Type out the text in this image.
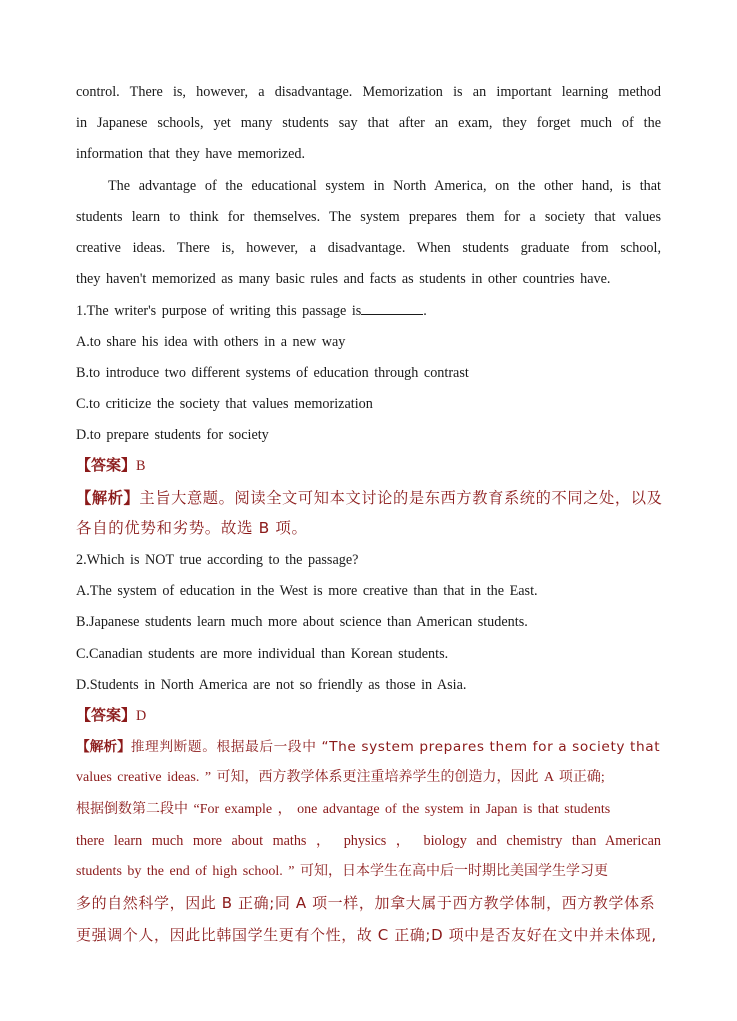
control. There is, however, a disadvantage. Memorization is an important learning method
in Japanese schools, yet many students say that after an exam, they forget much of the
information that they have memorized.
The advantage of the educational system in North America, on the other hand, is that
students learn to think for themselves. The system prepares them for a society that values
creative ideas. There is, however, a disadvantage. When students graduate from school,
they haven't memorized as many basic rules and facts as students in other countries have.
1.The writer's purpose of writing this passage is	.
A.to share his idea with others in a new way
B.to introduce two different systems of education through contrast
C.to criticize the society that values memorization
D.to prepare students for society
【答案】B
【解析】主旨大意题。阅读全文可知本文讨论的是东西方教育系统的不同之处，以及
各自的优势和劣势。故选 B 项。
2.Which is NOT true according to the passage?
A.The system of education in the West is more creative than that in the East.
B.Japanese students learn much more about science than American students.
C.Canadian students are more individual than Korean students.
D.Students in North America are not so friendly as those in Asia.
【答案】D
【解析】推理判断题。根据最后一段中 “The system prepares them for a society that
values creative ideas. ” 可知，西方教学体系更注重培养学生的创造力，因此 A 项正确;
根据倒数第二段中 “For example ， one advantage of the system in Japan is that students
there learn much more about maths ， physics ， biology and chemistry than American
students by the end of high school. ” 可知，日本学生在高中后一时期比美国学生学习更
多的自然科学，因此 B 正确;同 A 项一样，加拿大属于西方教学体制，西方教学体系
更强调个人，因此比韩国学生更有个性，故 C 正确;D 项中是否友好在文中并未体现,
